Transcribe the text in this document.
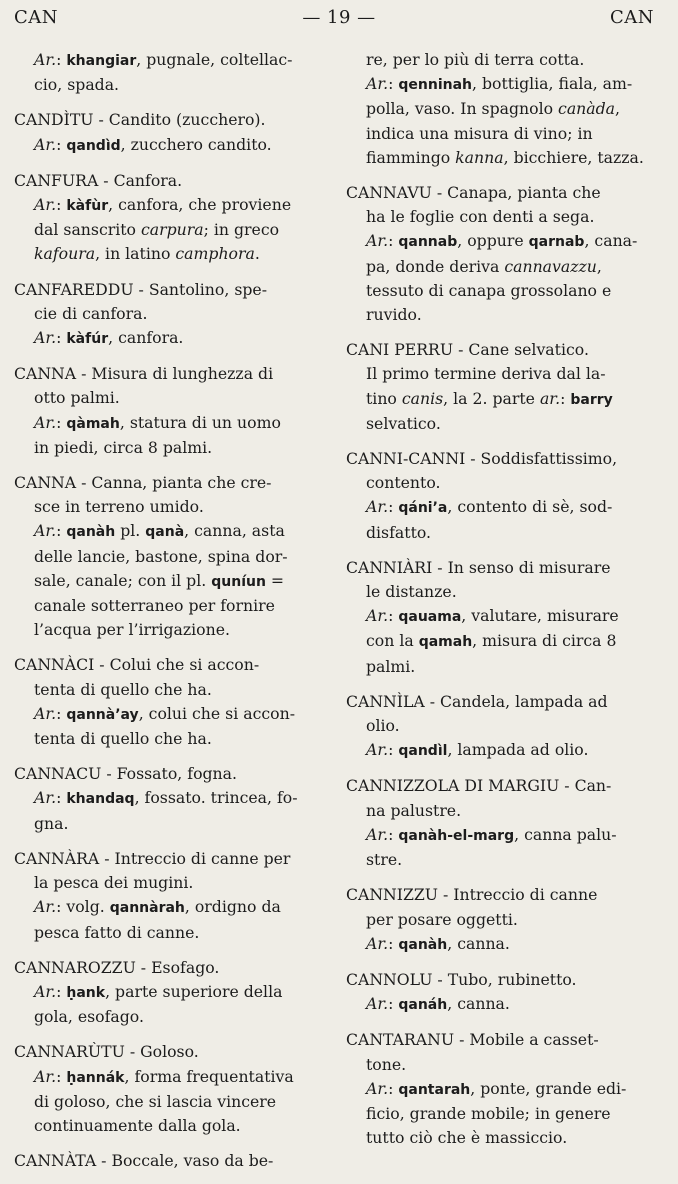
CAN	— 19 —	CAN

Ar.: khangiar, pugnale, coltellac-

cio, spada.

CANDÌTU - Candito (zucchero).

Ar.: qandìd, zucchero candito.

CANFURA - Canfora.

Ar.: kàfùr, canfora, che proviene

dal sanscrito carpura; in greco

kafoura, in latino camphora.

CANFAREDDU - Santolino, spe-

cie di canfora.

Ar.: kàfúr, canfora.

CANNA - Misura di lunghezza di

otto palmi.

Ar.: qàmah, statura di un uomo

in piedi, circa 8 palmi.

CANNA - Canna, pianta che cre-

sce in terreno umido.

Ar.: qanàh pl. qanà, canna, asta

delle lancie, bastone, spina dor-

sale, canale; con il pl. quníun =

canale sotterraneo per fornire

l’acqua per l’irrigazione.

CANNÀCI - Colui che si accon-

tenta di quello che ha.

Ar.: qannà’ay, colui che si accon-

tenta di quello che ha.

CANNACU - Fossato, fogna.

Ar.: khandaq, fossato. trincea, fo-

gna.

CANNÀRA - Intreccio di canne per

la pesca dei mugini.

Ar.: volg. qannàrah, ordigno da

pesca fatto di canne.

CANNAROZZU - Esofago.

Ar.: ḥank, parte superiore della

gola, esofago.

CANNARÙTU - Goloso.

Ar.: ḥannák, forma frequentativa

di goloso, che si lascia vincere

continuamente dalla gola.

CANNÀTA - Boccale, vaso da be-

re, per lo più di terra cotta.

Ar.: qenninah, bottiglia, fiala, am-

polla, vaso. In spagnolo canàda,

indica una misura di vino; in

fiammingo kanna, bicchiere, tazza.

CANNAVU - Canapa, pianta che

ha le foglie con denti a sega.

Ar.: qannab, oppure qarnab, cana-

pa, donde deriva cannavazzu,

tessuto di canapa grossolano e

ruvido.

CANI PERRU - Cane selvatico.

Il primo termine deriva dal la-

tino canis, la 2. parte ar.: barry

selvatico.

CANNI-CANNI - Soddisfattissimo,

contento.

Ar.: qáni’a, contento di sè, sod-

disfatto.

CANNIÀRI - In senso di misurare

le distanze.

Ar.: qauama, valutare, misurare

con la qamah, misura di circa 8

palmi.

CANNÌLA - Candela, lampada ad

olio.

Ar.: qandìl, lampada ad olio.

CANNIZZOLA DI MARGIU - Can-

na palustre.

Ar.: qanàh-el-marg, canna palu-

stre.

CANNIZZU - Intreccio di canne

per posare oggetti.

Ar.: qanàh, canna.

CANNOLU - Tubo, rubinetto.

Ar.: qanáh, canna.

CANTARANU - Mobile a casset-

tone.

Ar.: qantarah, ponte, grande edi-

ficio, grande mobile; in genere

tutto ciò che è massiccio.
